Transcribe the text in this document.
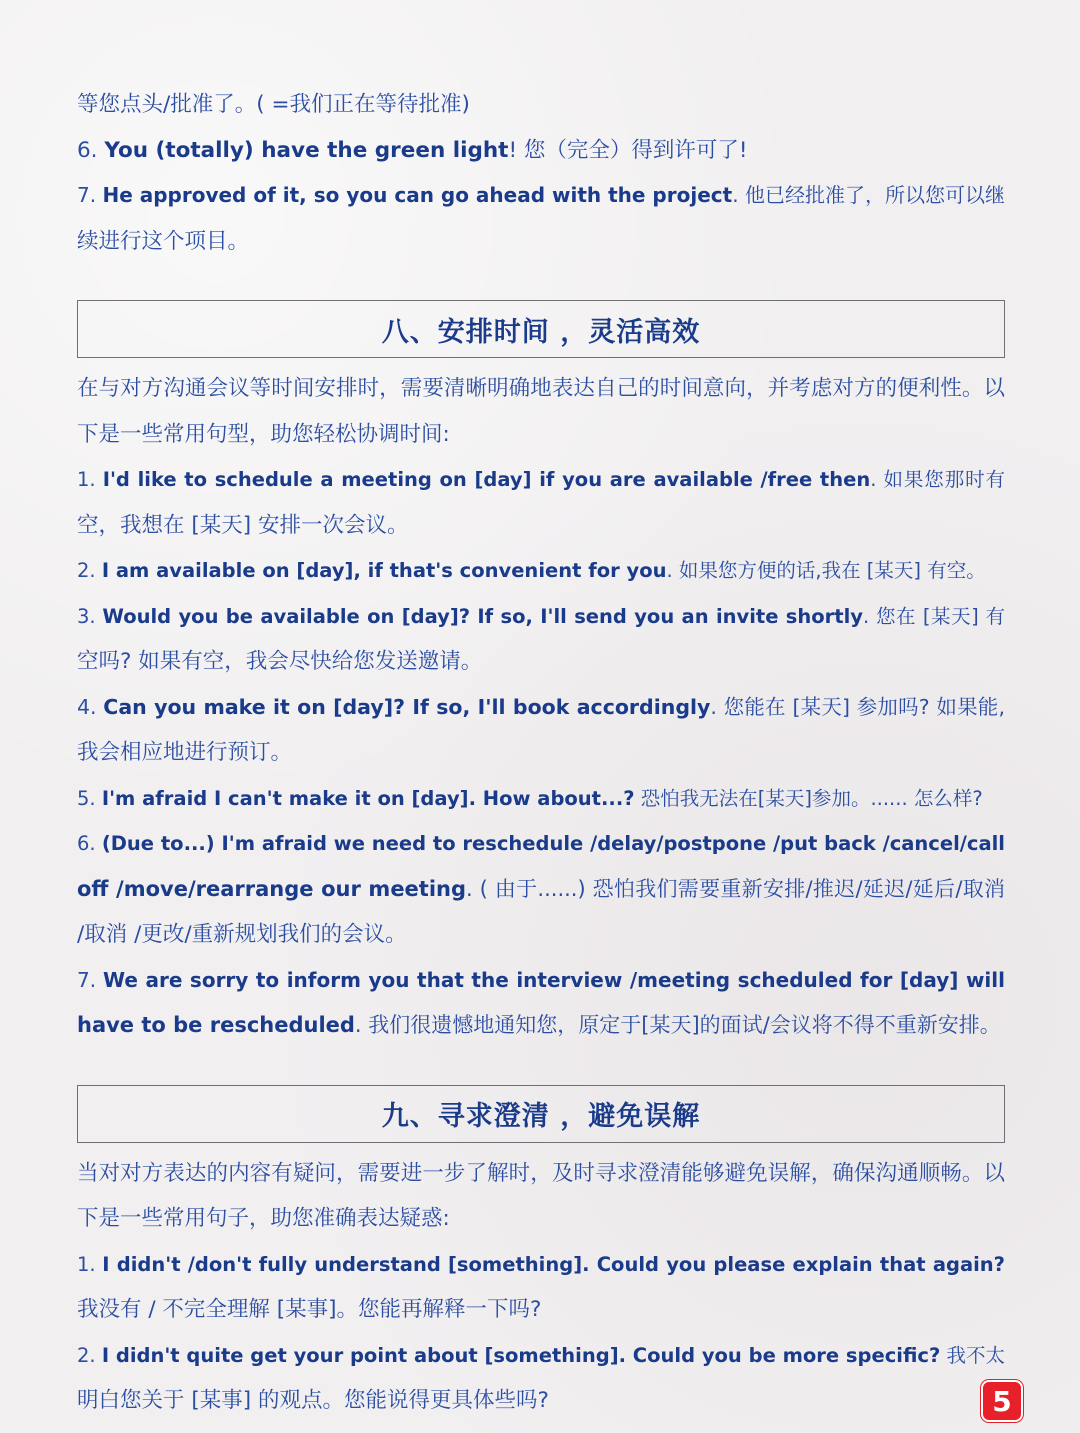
等您点头/批准了。( =我们正在等待批准)
6. You (totally) have the green light! 您（完全）得到许可了!
7. He approved of it, so you can go ahead with the project. 他已经批准了，所以您可以继
续进行这个项目。
八、安排时间 ，灵活高效
在与对方沟通会议等时间安排时，需要清晰明确地表达自己的时间意向，并考虑对方的便利性。以
下是一些常用句型，助您轻松协调时间:
1. I'd like to schedule a meeting on [day] if you are available /free then. 如果您那时有
空，我想在 [某天] 安排一次会议。
2. I am available on [day], if that's convenient for you. 如果您方便的话,我在 [某天] 有空。
3. Would you be available on [day]? If so, I'll send you an invite shortly. 您在 [某天] 有
空吗? 如果有空，我会尽快给您发送邀请。
4. Can you make it on [day]? If so, I'll book accordingly. 您能在 [某天] 参加吗? 如果能,
我会相应地进行预订。
5. I'm afraid I can't make it on [day]. How about...? 恐怕我无法在[某天]参加。...... 怎么样?
6. (Due to...) I'm afraid we need to reschedule /delay/postpone /put back /cancel/call
off /move/rearrange our meeting. ( 由于......) 恐怕我们需要重新安排/推迟/延迟/延后/取消
/取消 /更改/重新规划我们的会议。
7. We are sorry to inform you that the interview /meeting scheduled for [day] will
have to be rescheduled. 我们很遗憾地通知您，原定于[某天]的面试/会议将不得不重新安排。
九、寻求澄清 ，避免误解
当对对方表达的内容有疑问，需要进一步了解时，及时寻求澄清能够避免误解，确保沟通顺畅。以
下是一些常用句子，助您准确表达疑惑:
1. I didn't /don't fully understand [something]. Could you please explain that again?
我没有 / 不完全理解 [某事]。您能再解释一下吗?
2. I didn't quite get your point about [something]. Could you be more specific? 我不太
明白您关于 [某事] 的观点。您能说得更具体些吗?	5
